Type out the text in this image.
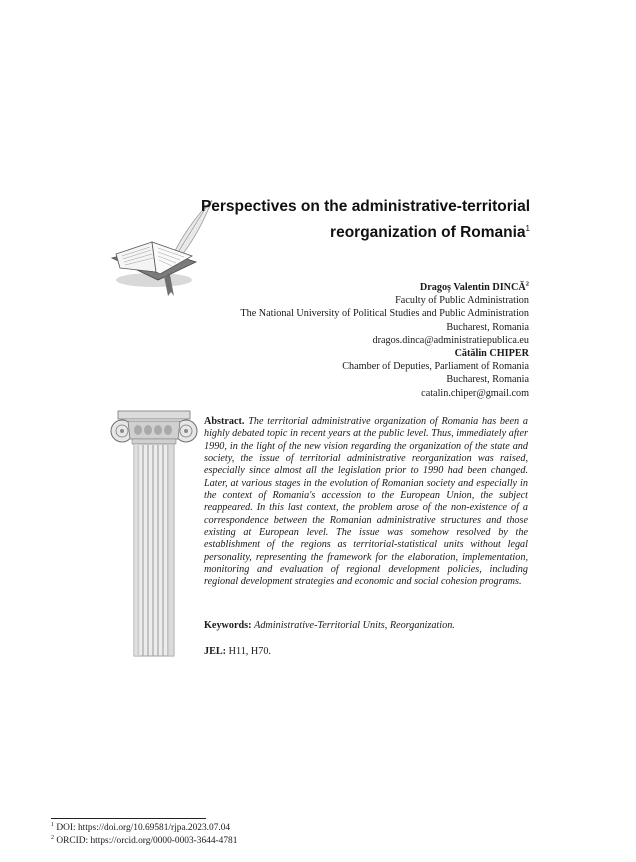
Perspectives on the administrative-territorial
reorganization of Romania$^1$
Dragoș Valentin DINCĂ$^2$
Faculty of Public Administration
The National University of Political Studies and Public Administration
Bucharest, Romania
dragos.dinca@administratiepublica.eu
Cătălin CHIPER
Chamber of Deputies, Parliament of Romania
Bucharest, Romania
catalin.chiper@gmail.com
Abstract. The territorial administrative organization of Romania has been a highly debated topic in recent years at the public level. Thus, immediately after 1990, in the light of the new vision regarding the organization of the state and society, the issue of territorial administrative reorganization was raised, especially since almost all the legislation prior to 1990 had been changed. Later, at various stages in the evolution of Romanian society and especially in the context of Romania's accession to the European Union, the subject reappeared. In this last context, the problem arose of the non-existence of a correspondence between the Romanian administrative structures and those existing at European level. The issue was somehow resolved by the establishment of the regions as territorial-statistical units without legal personality, representing the framework for the elaboration, implementation, monitoring and evaluation of regional development policies, including regional development strategies and economic and social cohesion programs.
Keywords: Administrative-Territorial Units, Reorganization.
JEL: H11, H70.
$^1$ DOI: https://doi.org/10.69581/rjpa.2023.07.04
$^2$ ORCID: https://orcid.org/0000-0003-3644-4781
